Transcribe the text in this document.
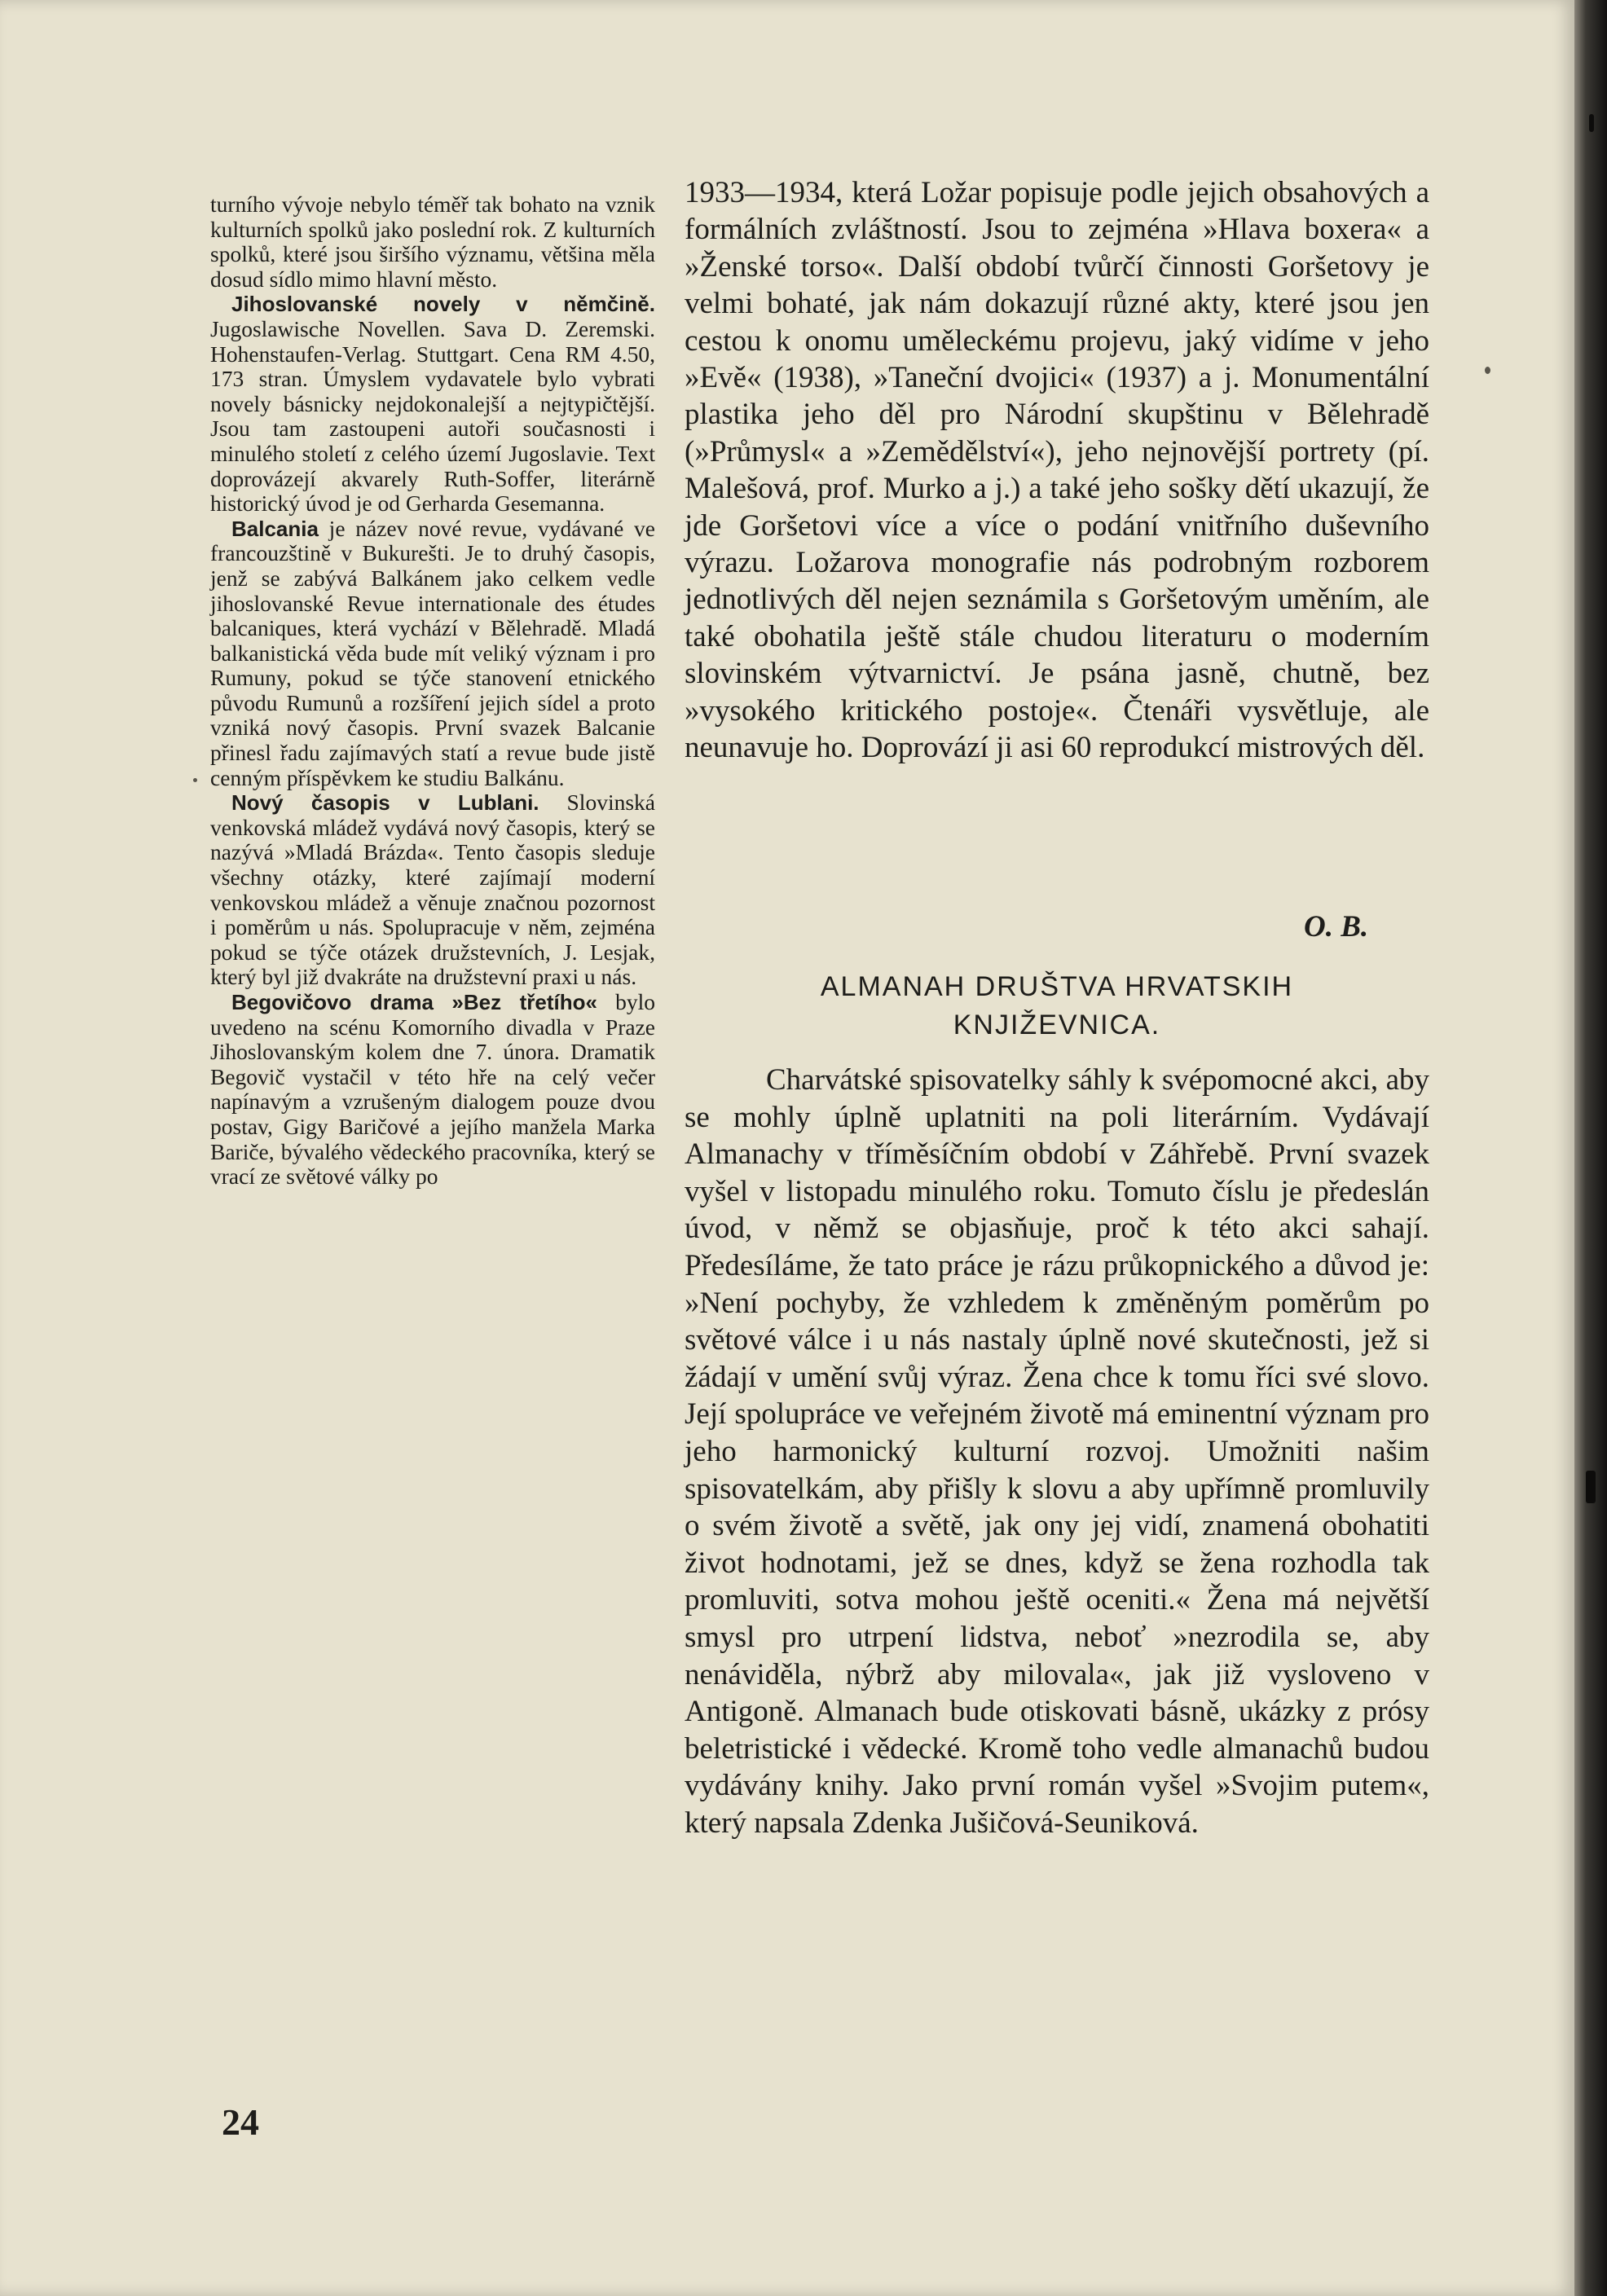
turního vývoje nebylo téměř tak bohato na vznik kulturních spolků jako poslední rok. Z kulturních spolků, které jsou širšího významu, většina měla dosud sídlo mimo hlavní město.

Jihoslovanské novely v němčině. Jugoslawische Novellen. Sava D. Zeremski. Hohenstaufen-Verlag. Stuttgart. Cena RM 4.50, 173 stran. Úmyslem vydavatele bylo vybrati novely básnicky nejdokonalejší a nejtypičtější. Jsou tam zastoupeni autoři současnosti i minulého století z celého území Jugoslavie. Text doprovázejí akvarely Ruth-Soffer, literárně historický úvod je od Gerharda Gesemanna.

Balcania je název nové revue, vydávané ve francouzštině v Bukurešti. Je to druhý časopis, jenž se zabývá Balkánem jako celkem vedle jihoslovanské Revue internationale des études balcaniques, která vychází v Bělehradě. Mladá balkanistická věda bude mít veliký význam i pro Rumuny, pokud se týče stanovení etnického původu Rumunů a rozšíření jejich sídel a proto vzniká nový časopis. První svazek Balcanie přinesl řadu zajímavých statí a revue bude jistě cenným příspěvkem ke studiu Balkánu.

Nový časopis v Lublani. Slovinská venkovská mládež vydává nový časopis, který se nazývá »Mladá Brázda«. Tento časopis sleduje všechny otázky, které zajímají moderní venkovskou mládež a věnuje značnou pozornost i poměrům u nás. Spolupracuje v něm, zejména pokud se týče otázek družstevních, J. Lesjak, který byl již dvakráte na družstevní praxi u nás.

Begovičovo drama »Bez třetího« bylo uvedeno na scénu Komorního divadla v Praze Jihoslovanským kolem dne 7. února. Dramatik Begovič vystačil v této hře na celý večer napínavým a vzrušeným dialogem pouze dvou postav, Gigy Baričové a jejího manžela Marka Bariče, bývalého vědeckého pracovníka, který se vrací ze světové války po

1933—1934, která Ložar popisuje podle jejich obsahových a formálních zvláštností. Jsou to zejména »Hlava boxera« a »Ženské torso«. Další období tvůrčí činnosti Goršetovy je velmi bohaté, jak nám dokazují různé akty, které jsou jen cestou k onomu uměleckému projevu, jaký vidíme v jeho »Evě« (1938), »Taneční dvojici« (1937) a j. Monumentální plastika jeho děl pro Národní skupštinu v Bělehradě (»Průmysl« a »Zemědělství«), jeho nejnovější portrety (pí. Malešová, prof. Murko a j.) a také jeho sošky dětí ukazují, že jde Goršetovi více a více o podání vnitřního duševního výrazu. Ložarova monografie nás podrobným rozborem jednotlivých děl nejen seznámila s Goršetovým uměním, ale také obohatila ještě stále chudou literaturu o moderním slovinském výtvarnictví. Je psána jasně, chutně, bez »vysokého kritického postoje«. Čtenáři vysvětluje, ale neunavuje ho. Doprovází ji asi 60 reprodukcí mistrových děl.

O. B.
ALMANAH DRUŠTVA HRVATSKIH
KNJIŽEVNICA.

Charvátské spisovatelky sáhly k svépomocné akci, aby se mohly úplně uplatniti na poli literárním. Vydávají Almanachy v tříměsíčním období v Záhřebě. První svazek vyšel v listopadu minulého roku. Tomuto číslu je předeslán úvod, v němž se objasňuje, proč k této akci sahají. Předesíláme, že tato práce je rázu průkopnického a důvod je: »Není pochyby, že vzhledem k změněným poměrům po světové válce i u nás nastaly úplně nové skutečnosti, jež si žádají v umění svůj výraz. Žena chce k tomu říci své slovo. Její spolupráce ve veřejném životě má eminentní význam pro jeho harmonický kulturní rozvoj. Umožniti našim spisovatelkám, aby přišly k slovu a aby upřímně promluvily o svém životě a světě, jak ony jej vidí, znamená obohatiti život hodnotami, jež se dnes, když se žena rozhodla tak promluviti, sotva mohou ještě oceniti.« Žena má největší smysl pro utrpení lidstva, neboť »nezrodila se, aby nenáviděla, nýbrž aby milovala«, jak již vysloveno v Antigoně. Almanach bude otiskovati básně, ukázky z prósy beletristické i vědecké. Kromě toho vedle almanachů budou vydávány knihy. Jako první román vyšel »Svojim putem«, který napsala Zdenka Jušičová-Seuniková.

24
